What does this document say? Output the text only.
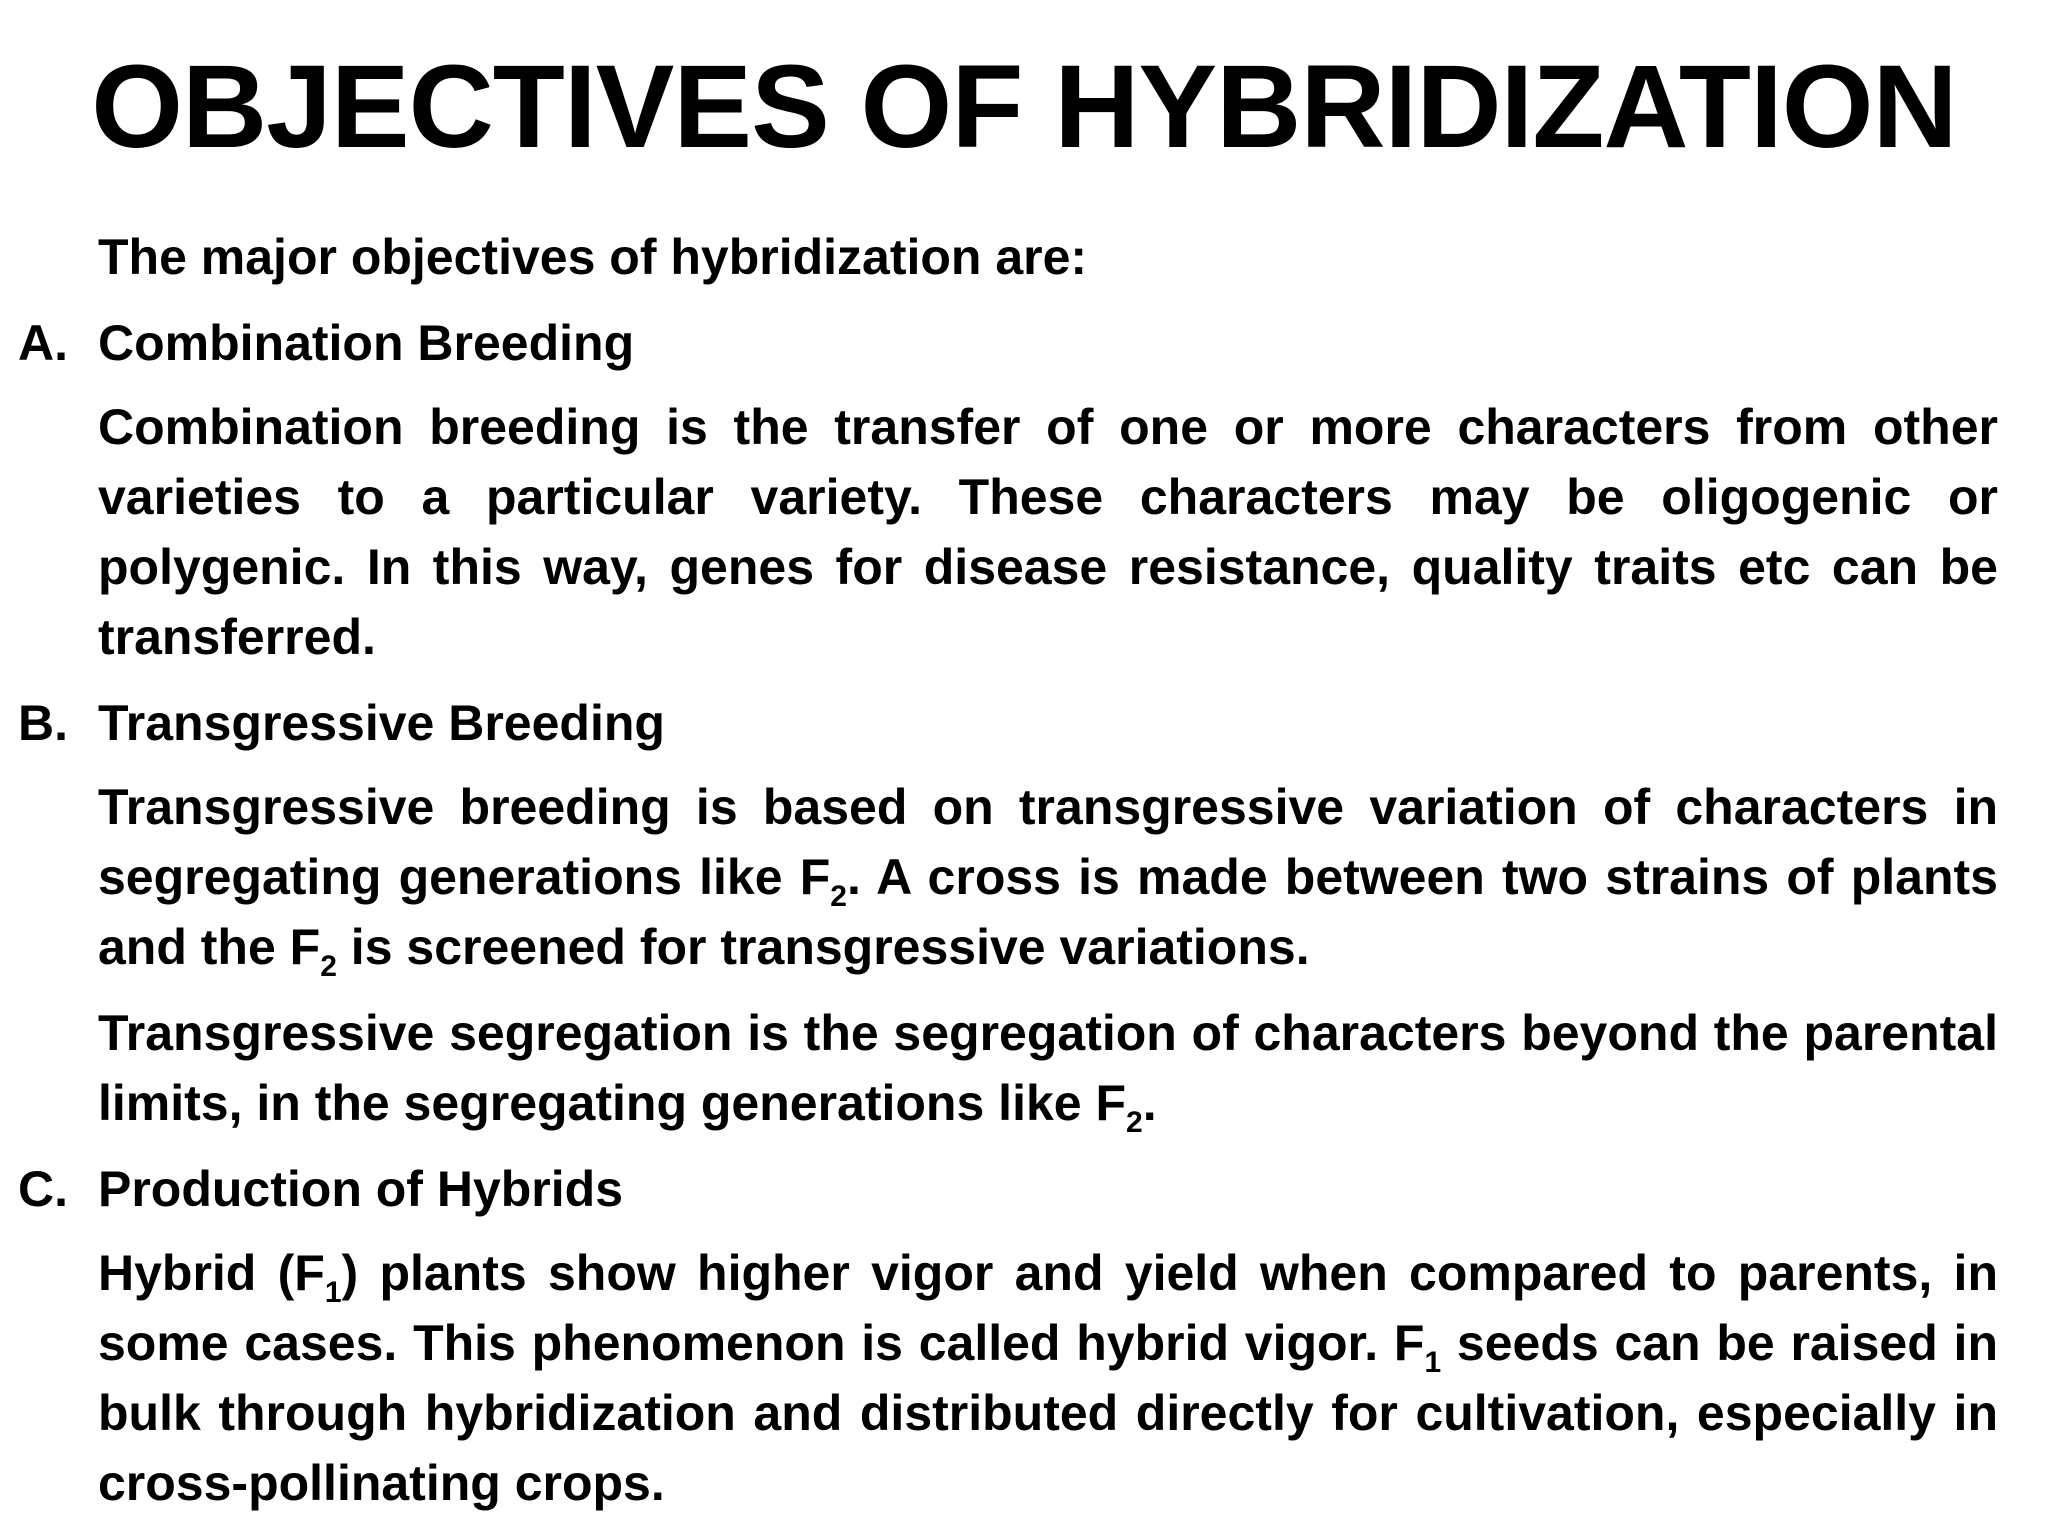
OBJECTIVES OF HYBRIDIZATION

The major objectives of hybridization are:

A. Combination Breeding

Combination breeding is the transfer of one or more characters from other varieties to a particular variety. These characters may be oligogenic or polygenic. In this way, genes for disease resistance, quality traits etc can be transferred.

B. Transgressive Breeding

Transgressive breeding is based on transgressive variation of characters in segregating generations like $F_2$. A cross is made between two strains of plants and the $F_2$ is screened for transgressive variations.

Transgressive segregation is the segregation of characters beyond the parental limits, in the segregating generations like $F_2$.

C. Production of Hybrids

Hybrid $(F_1)$ plants show higher vigor and yield when compared to parents, in some cases. This phenomenon is called hybrid vigor. $F_1$ seeds can be raised in bulk through hybridization and distributed directly for cultivation, especially in cross-pollinating crops.
